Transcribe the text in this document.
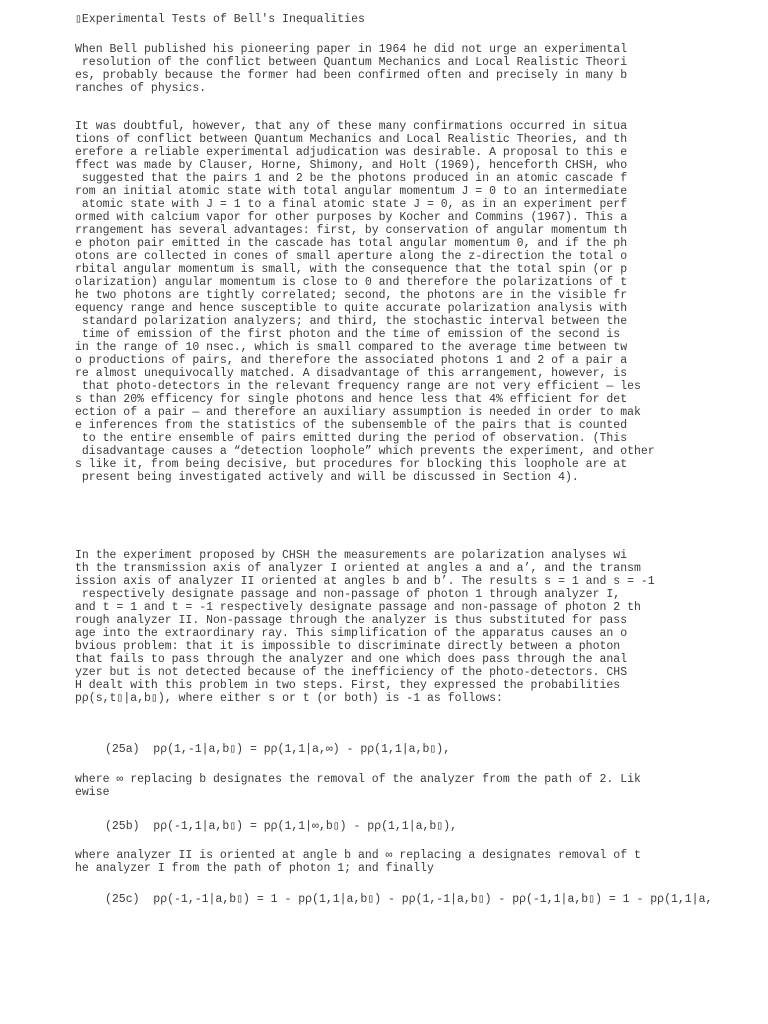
▯Experimental Tests of Bell's Inequalities
When Bell published his pioneering paper in 1964 he did not urge an experimental
resolution of the conflict between Quantum Mechanics and Local Realistic Theori
es, probably because the former had been confirmed often and precisely in many b
ranches of physics.
It was doubtful, however, that any of these many confirmations occurred in situa
tions of conflict between Quantum Mechanics and Local Realistic Theories, and th
erefore a reliable experimental adjudication was desirable. A proposal to this e
ffect was made by Clauser, Horne, Shimony, and Holt (1969), henceforth CHSH, who
suggested that the pairs 1 and 2 be the photons produced in an atomic cascade f
rom an initial atomic state with total angular momentum J = 0 to an intermediate
atomic state with J = 1 to a final atomic state J = 0, as in an experiment perf
ormed with calcium vapor for other purposes by Kocher and Commins (1967). This a
rrangement has several advantages: first, by conservation of angular momentum th
e photon pair emitted in the cascade has total angular momentum 0, and if the ph
otons are collected in cones of small aperture along the z-direction the total o
rbital angular momentum is small, with the consequence that the total spin (or p
olarization) angular momentum is close to 0 and therefore the polarizations of t
he two photons are tightly correlated; second, the photons are in the visible fr
equency range and hence susceptible to quite accurate polarization analysis with
standard polarization analyzers; and third, the stochastic interval between the
time of emission of the first photon and the time of emission of the second is
in the range of 10 nsec., which is small compared to the average time between tw
o productions of pairs, and therefore the associated photons 1 and 2 of a pair a
re almost unequivocally matched. A disadvantage of this arrangement, however, is
that photo-detectors in the relevant frequency range are not very efficient — les
s than 20% efficency for single photons and hence less that 4% efficient for det
ection of a pair — and therefore an auxiliary assumption is needed in order to mak
e inferences from the statistics of the subensemble of the pairs that is counted
to the entire ensemble of pairs emitted during the period of observation. (This
disadvantage causes a “detection loophole” which prevents the experiment, and other
s like it, from being decisive, but procedures for blocking this loophole are at
present being investigated actively and will be discussed in Section 4).
In the experiment proposed by CHSH the measurements are polarization analyses wi
th the transmission axis of analyzer I oriented at angles a and a’, and the transm
ission axis of analyzer II oriented at angles b and b’. The results s = 1 and s = -1
respectively designate passage and non-passage of photon 1 through analyzer I,
and t = 1 and t = -1 respectively designate passage and non-passage of photon 2 th
rough analyzer II. Non-passage through the analyzer is thus substituted for pass
age into the extraordinary ray. This simplification of the apparatus causes an o
bvious problem: that it is impossible to discriminate directly between a photon
that fails to pass through the analyzer and one which does pass through the anal
yzer but is not detected because of the inefficiency of the photo-detectors. CHS
H dealt with this problem in two steps. First, they expressed the probabilities
pρ(s,t▯|a,b▯), where either s or t (or both) is -1 as follows:
(25a)  pρ(1,-1|a,b▯) = pρ(1,1|a,∞) - pρ(1,1|a,b▯),
where ∞ replacing b designates the removal of the analyzer from the path of 2. Lik
ewise
(25b)  pρ(-1,1|a,b▯) = pρ(1,1|∞,b▯) - pρ(1,1|a,b▯),
where analyzer II is oriented at angle b and ∞ replacing a designates removal of t
he analyzer I from the path of photon 1; and finally
(25c)  pρ(-1,-1|a,b▯) = 1 - pρ(1,1|a,b▯) - pρ(1,-1|a,b▯) - pρ(-1,1|a,b▯) = 1 - pρ(1,1|a,
